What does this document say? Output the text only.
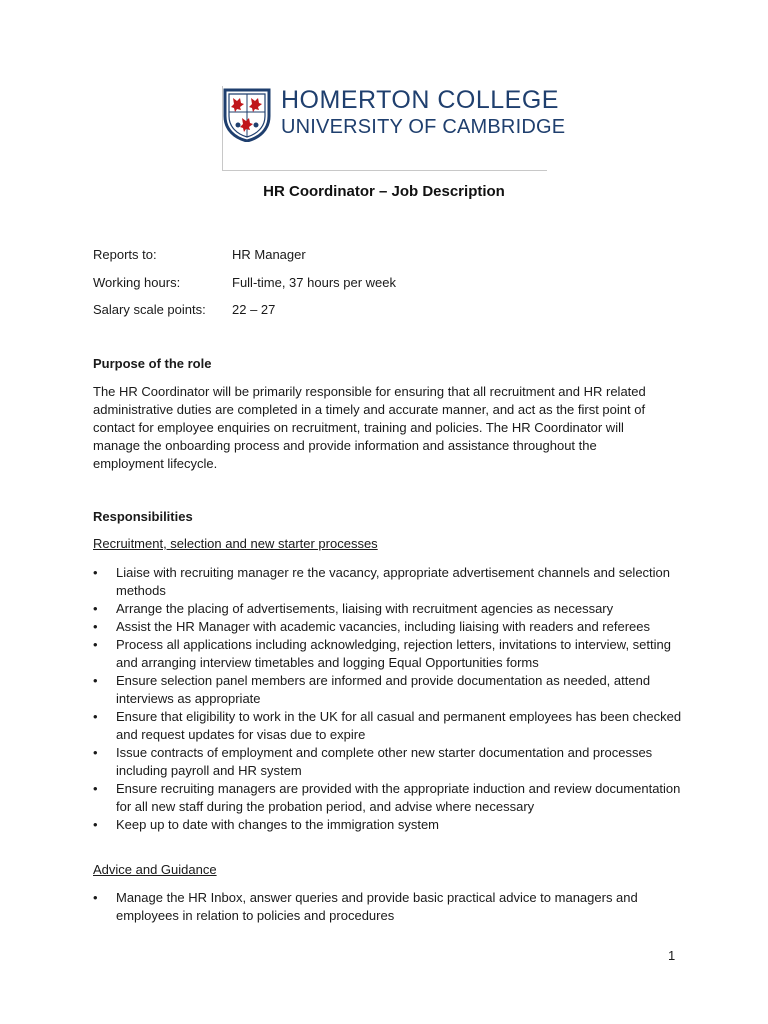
HOMERTON COLLEGE
UNIVERSITY OF CAMBRIDGE
HR Coordinator – Job Description
Reports to:	HR Manager
Working hours:	Full-time, 37 hours per week
Salary scale points: 22 – 27
Purpose of the role
The HR Coordinator will be primarily responsible for ensuring that all recruitment and HR related administrative duties are completed in a timely and accurate manner, and act as the first point of contact for employee enquiries on recruitment, training and policies. The HR Coordinator will manage the onboarding process and provide information and assistance throughout the employment lifecycle.
Responsibilities
Recruitment, selection and new starter processes
• Liaise with recruiting manager re the vacancy, appropriate advertisement channels and selection methods
• Arrange the placing of advertisements, liaising with recruitment agencies as necessary
• Assist the HR Manager with academic vacancies, including liaising with readers and referees
• Process all applications including acknowledging, rejection letters, invitations to interview, setting and arranging interview timetables and logging Equal Opportunities forms
• Ensure selection panel members are informed and provide documentation as needed, attend interviews as appropriate
• Ensure that eligibility to work in the UK for all casual and permanent employees has been checked and request updates for visas due to expire
• Issue contracts of employment and complete other new starter documentation and processes including payroll and HR system
• Ensure recruiting managers are provided with the appropriate induction and review documentation for all new staff during the probation period, and advise where necessary
• Keep up to date with changes to the immigration system
Advice and Guidance
• Manage the HR Inbox, answer queries and provide basic practical advice to managers and employees in relation to policies and procedures
1
